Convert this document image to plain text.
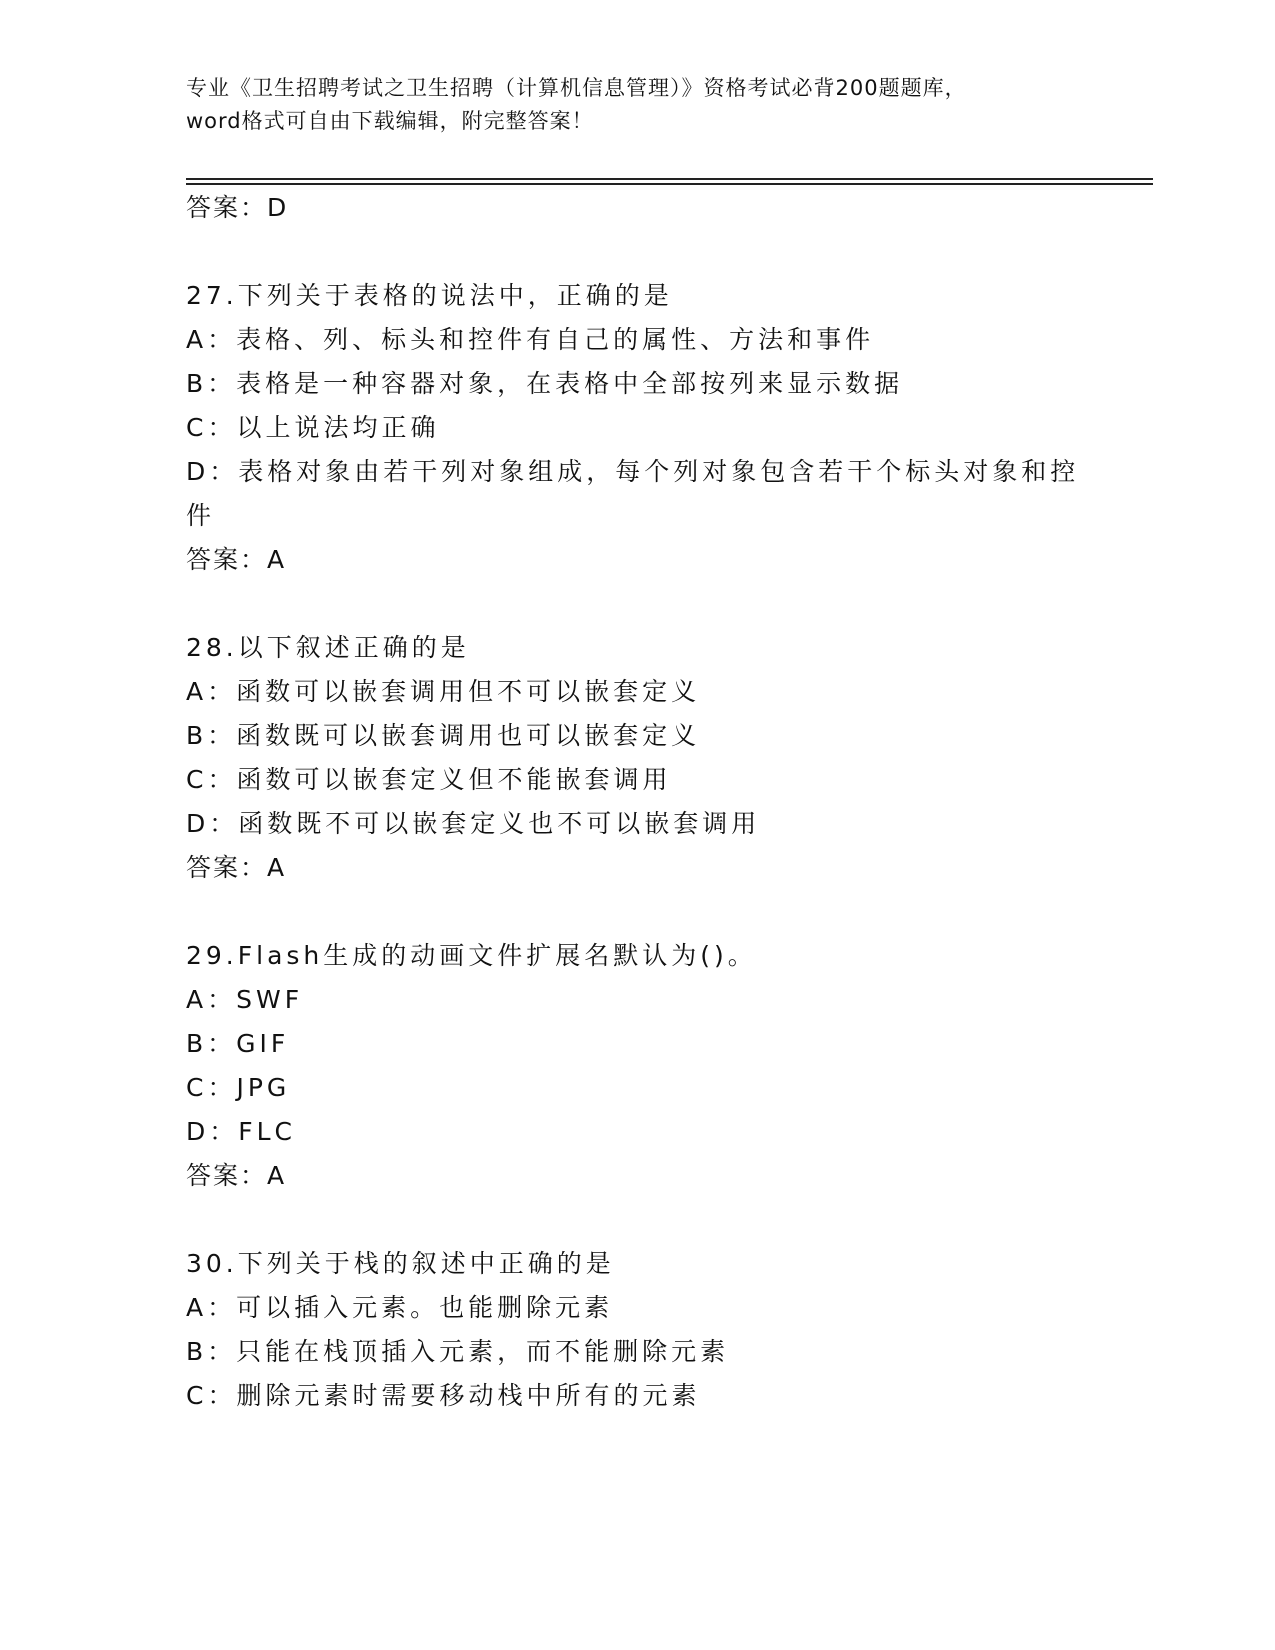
专业《卫生招聘考试之卫生招聘（计算机信息管理）》资格考试必背200题题库，
word格式可自由下载编辑，附完整答案！
答案：D
27.下列关于表格的说法中，正确的是
A：表格、列、标头和控件有自己的属性、方法和事件
B：表格是一种容器对象，在表格中全部按列来显示数据
C：以上说法均正确
D：表格对象由若干列对象组成，每个列对象包含若干个标头对象和控
件
答案：A
28.以下叙述正确的是
A：函数可以嵌套调用但不可以嵌套定义
B：函数既可以嵌套调用也可以嵌套定义
C：函数可以嵌套定义但不能嵌套调用
D：函数既不可以嵌套定义也不可以嵌套调用
答案：A
29.Flash生成的动画文件扩展名默认为()。
A：SWF
B：GIF
C：JPG
D：FLC
答案：A
30.下列关于栈的叙述中正确的是
A：可以插入元素。也能删除元素
B：只能在栈顶插入元素，而不能删除元素
C：删除元素时需要移动栈中所有的元素
